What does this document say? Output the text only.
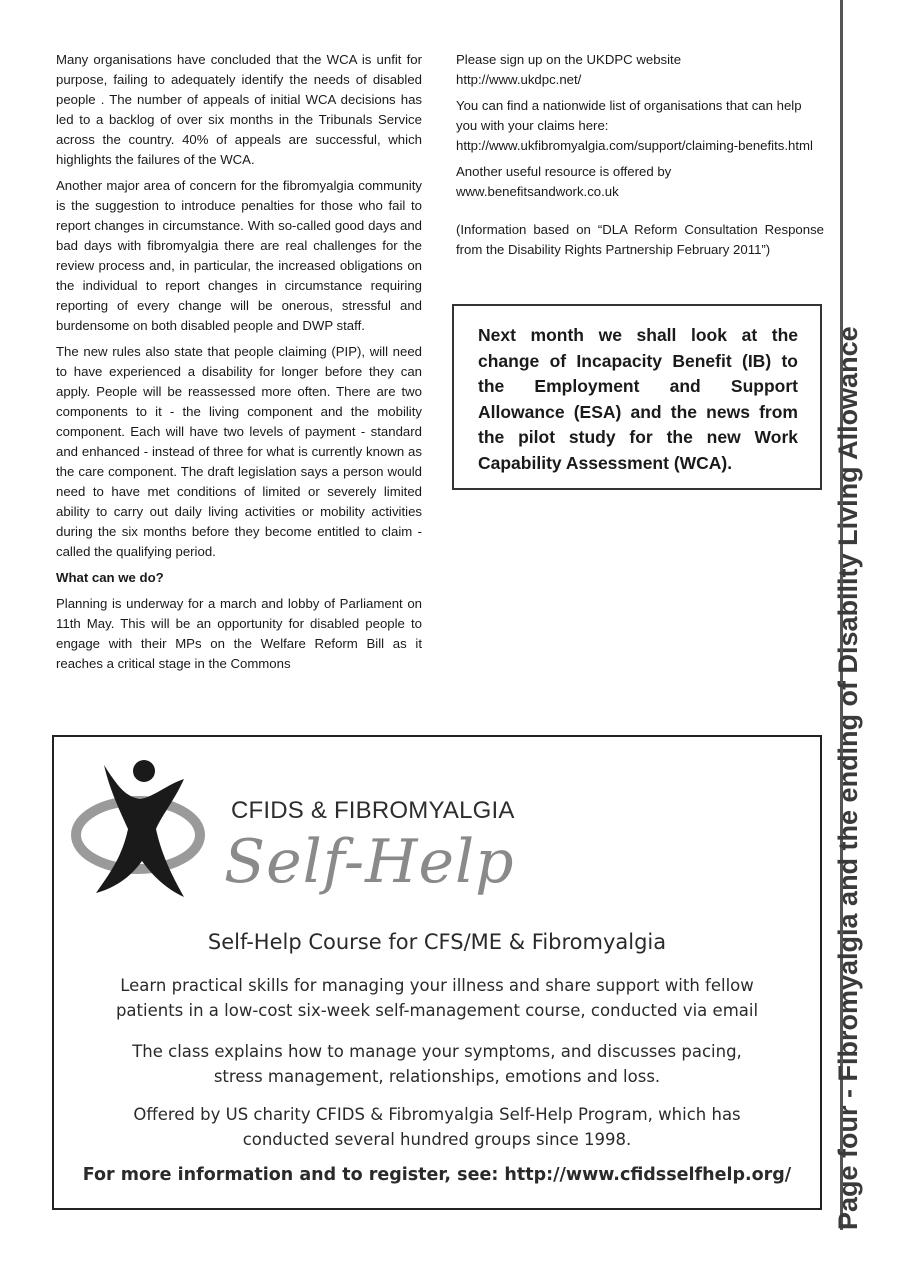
Many organisations have concluded that the WCA is unfit for purpose, failing to adequately identify the needs of disabled people . The number of appeals of initial WCA decisions has led to a backlog of over six months in the Tribunals Service across the country. 40% of appeals are successful, which highlights the failures of the WCA.

Another major area of concern for the fibromyalgia community is the suggestion to introduce penalties for those who fail to report changes in circumstance. With so-called good days and bad days with fibromyalgia there are real challenges for the review process and, in particular, the increased obligations on the individual to report changes in circumstance requiring reporting of every change will be onerous, stressful and burdensome on both disabled people and DWP staff.

The new rules also state that people claiming (PIP), will need to have experienced a disability for longer before they can apply. People will be reassessed more often. There are two components to it - the living component and the mobility component. Each will have two levels of payment - standard and enhanced - instead of three for what is currently known as the care component. The draft legislation says a person would need to have met conditions of limited or severely limited ability to carry out daily living activities or mobility activities during the six months before they become entitled to claim - called the qualifying period.

What can we do?

Planning is underway for a march and lobby of Parliament on 11th May. This will be an opportunity for disabled people to engage with their MPs on the Welfare Reform Bill as it reaches a critical stage in the Commons

Please sign up on the UKDPC website
http://www.ukdpc.net/
You can find a nationwide list of organisations that can help you with your claims here:
http://www.ukfibromyalgia.com/support/claiming-benefits.html
Another useful resource is offered by
www.benefitsandwork.co.uk

(Information based on “DLA Reform Consultation Response from the Disability Rights Partnership February 2011”)

Next month we shall look at the change of Incapacity Benefit (IB) to the Employment and Support Allowance (ESA) and the news from the pilot study for the new Work Capability Assessment (WCA).	Page four - Fibromyalgia and the ending of Disability Living Allowance
CFIDS & FIBROMYALGIA
Self-Help
Self-Help Course for CFS/ME & Fibromyalgia
Learn practical skills for managing your illness and share support with fellow
patients in a low-cost six-week self-management course, conducted via email
The class explains how to manage your symptoms, and discusses pacing,
stress management, relationships, emotions and loss.
Offered by US charity CFIDS & Fibromyalgia Self-Help Program, which has
conducted several hundred groups since 1998.
For more information and to register, see: http://www.cfidsselfhelp.org/
